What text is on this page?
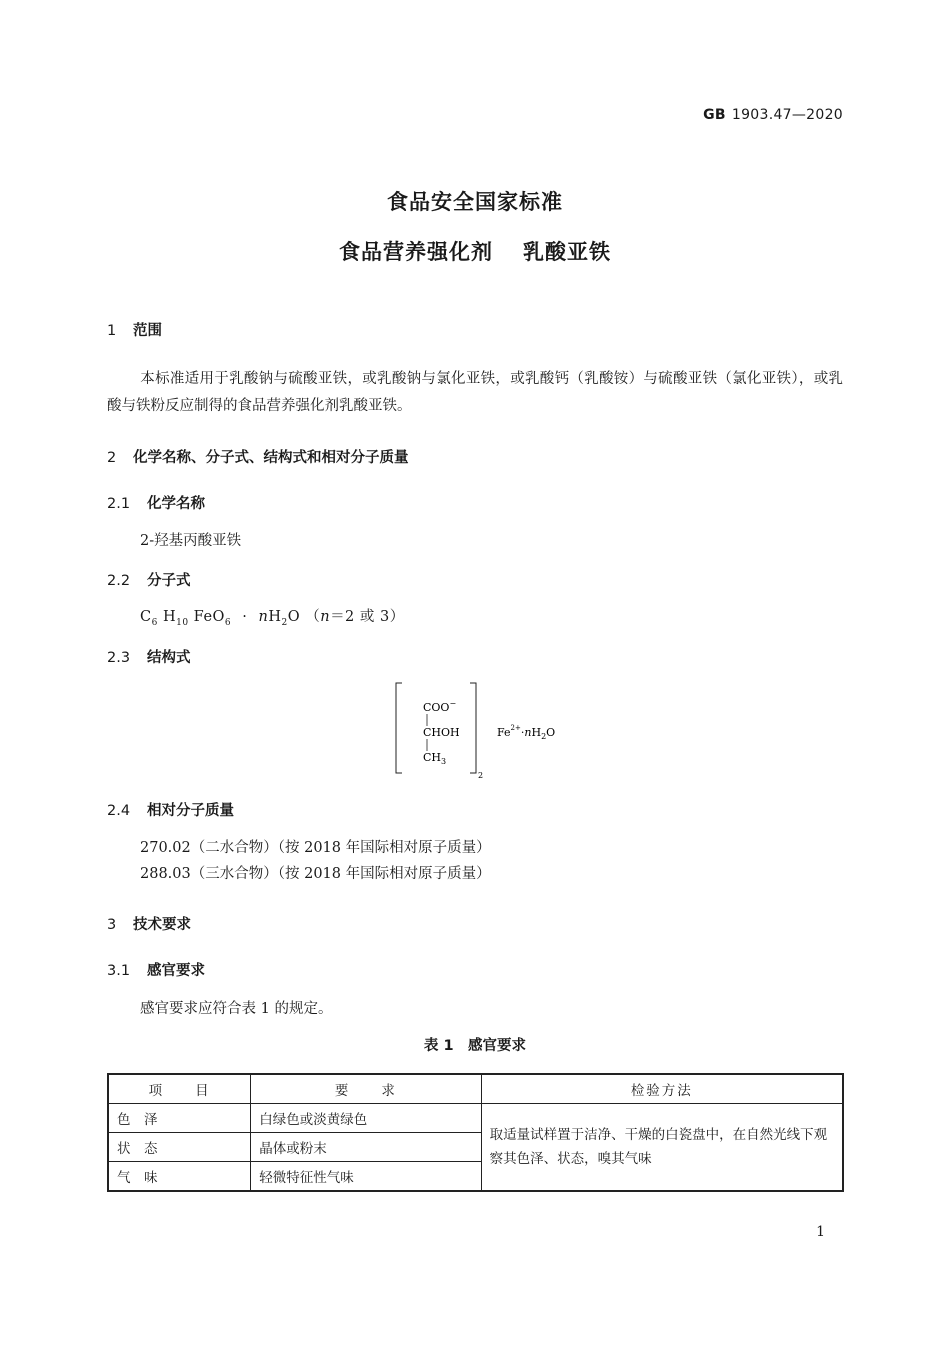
GB 1903.47—2020
食品安全国家标准
食品营养强化剂 乳酸亚铁
1 范围
本标准适用于乳酸钠与硫酸亚铁，或乳酸钠与氯化亚铁，或乳酸钙（乳酸铵）与硫酸亚铁（氯化亚铁），或乳酸与铁粉反应制得的食品营养强化剂乳酸亚铁。
2 化学名称、分子式、结构式和相对分子质量
2.1 化学名称
2-羟基丙酸亚铁
2.2 分子式
$C_6$ $H_{10}$ $FeO_6 \cdot nH_2O$ （n＝2 或 3）
2.3 结构式
2
COO−
CHOH
$CH_3$
$Fe^{2+}\cdot nH_2O$
2.4 相对分子质量
270.02（二水合物）（按 2018 年国际相对原子质量）
288.03（三水合物）（按 2018 年国际相对原子质量）
3 技术要求
3.1 感官要求
感官要求应符合表 1 的规定。
表 1　感官要求
项　　目	要　　求	检验方法
色　泽	白绿色或淡黄绿色	取适量试样置于洁净、干燥的白瓷盘中，在自然光线下观察其色泽、状态，嗅其气味
状　态	晶体或粉末	
气　味	轻微特征性气味	
1
